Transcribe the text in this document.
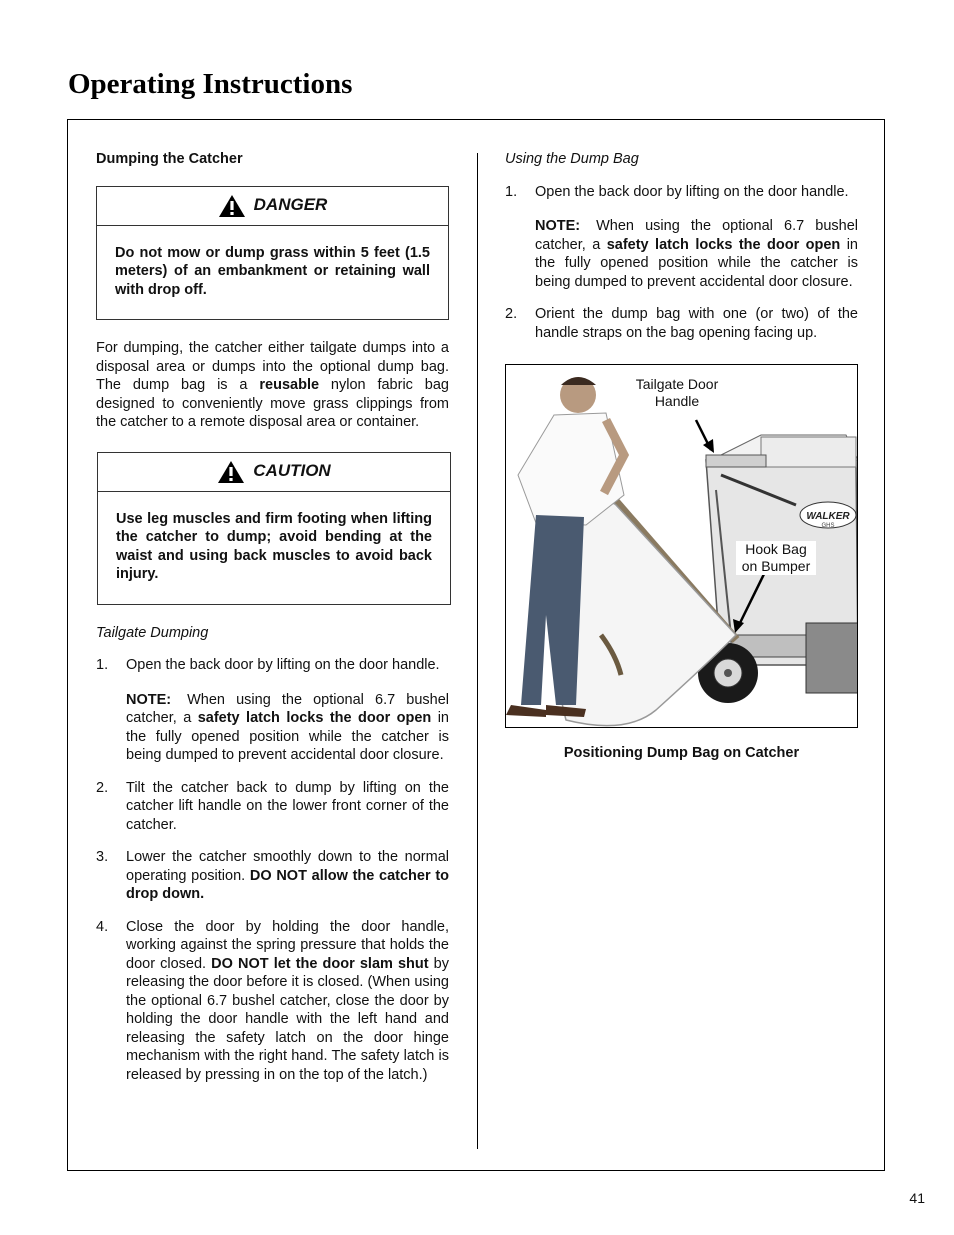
Operating Instructions
Dumping the Catcher
DANGER
Do not mow or dump grass within 5 feet (1.5 meters) of an embankment or retaining wall with drop off.

For dumping, the catcher either tailgate dumps into a disposal area or dumps into the optional dump bag. The dump bag is a reusable nylon fabric bag designed to conveniently move grass clippings from the catcher to a remote disposal area or container.

CAUTION
Use leg muscles and firm footing when lifting the catcher to dump; avoid bending at the waist and using back muscles to avoid back injury.
Tailgate Dumping
1.	Open the back door by lifting on the door handle.
NOTE: When using the optional 6.7 bushel catcher, a safety latch locks the door open in the fully opened position while the catcher is being dumped to prevent accidental door closure.
2.	Tilt the catcher back to dump by lifting on the catcher lift handle on the lower front corner of the catcher.
3.	Lower the catcher smoothly down to the normal operating position. DO NOT allow the catcher to drop down.
4.	Close the door by holding the door handle, working against the spring pressure that holds the door closed. DO NOT let the door slam shut by releasing the door before it is closed. (When using the optional 6.7 bushel catcher, close the door by holding the door handle with the left hand and releasing the safety latch on the door hinge mechanism with the right hand. The safety latch is released by pressing in on the top of the latch.)
Using the Dump Bag
1.	Open the back door by lifting on the door handle.
NOTE: When using the optional 6.7 bushel catcher, a safety latch locks the door open in the fully opened position while the catcher is being dumped to prevent accidental door closure.
2.	Orient the dump bag with one (or two) of the handle straps on the bag opening facing up.
WALKER
GHS
Tailgate Door Handle
Hook Bag on Bumper
Positioning Dump Bag on Catcher
41
